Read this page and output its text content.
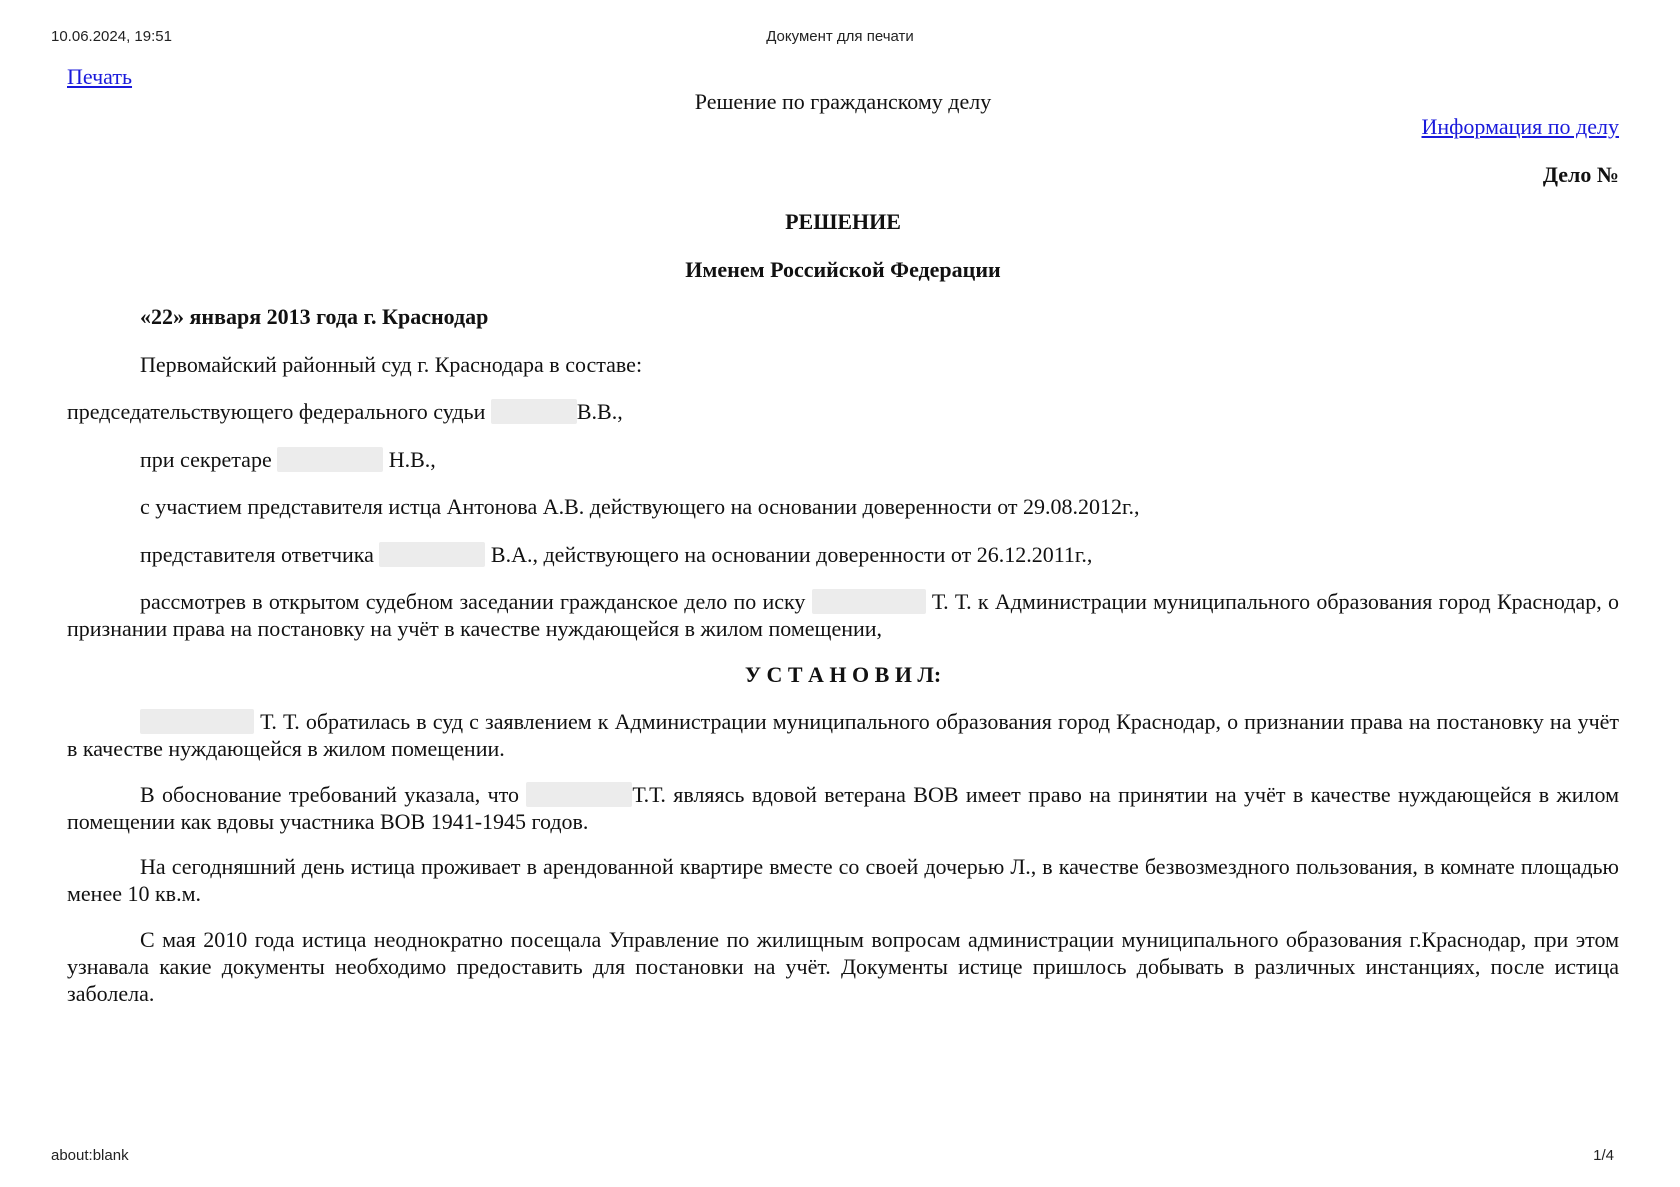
10.06.2024, 19:51	Документ для печати
Печать
Решение по гражданскому делу
Информация по делу
Дело №
РЕШЕНИЕ
Именем Российской Федерации
«22» января 2013 года г. Краснодар
Первомайский районный суд г. Краснодара в составе:
председательствующего федерального судьи	В.В.,
при секретаре	Н.В.,
с участием представителя истца Антонова А.В. действующего на основании доверенности от 29.08.2012г.,
представителя ответчика	В.А., действующего на основании доверенности от 26.12.2011г.,

рассмотрев в открытом судебном заседании гражданское дело по иску	Т. Т. к Администрации муниципального образования город Краснодар, о признании права на постановку на учёт в качестве нуждающейся в жилом помещении,

У С Т А Н О В И Л:

Т. Т. обратилась в суд с заявлением к Администрации муниципального образования город Краснодар, о признании права на постановку на учёт в качестве нуждающейся в жилом помещении.

В обоснование требований указала, что	Т.Т. являясь вдовой ветерана ВОВ имеет право на принятии на учёт в качестве нуждающейся в жилом помещении как вдовы участника ВОВ 1941-1945 годов.

На сегодняшний день истица проживает в арендованной квартире вместе со своей дочерью Л., в качестве безвозмездного пользования, в комнате площадью менее 10 кв.м.

С мая 2010 года истица неоднократно посещала Управление по жилищным вопросам администрации муниципального образования г.Краснодар, при этом узнавала какие документы необходимо предоставить для постановки на учёт. Документы истице пришлось добывать в различных инстанциях, после истица заболела.

about:blank	1/4
